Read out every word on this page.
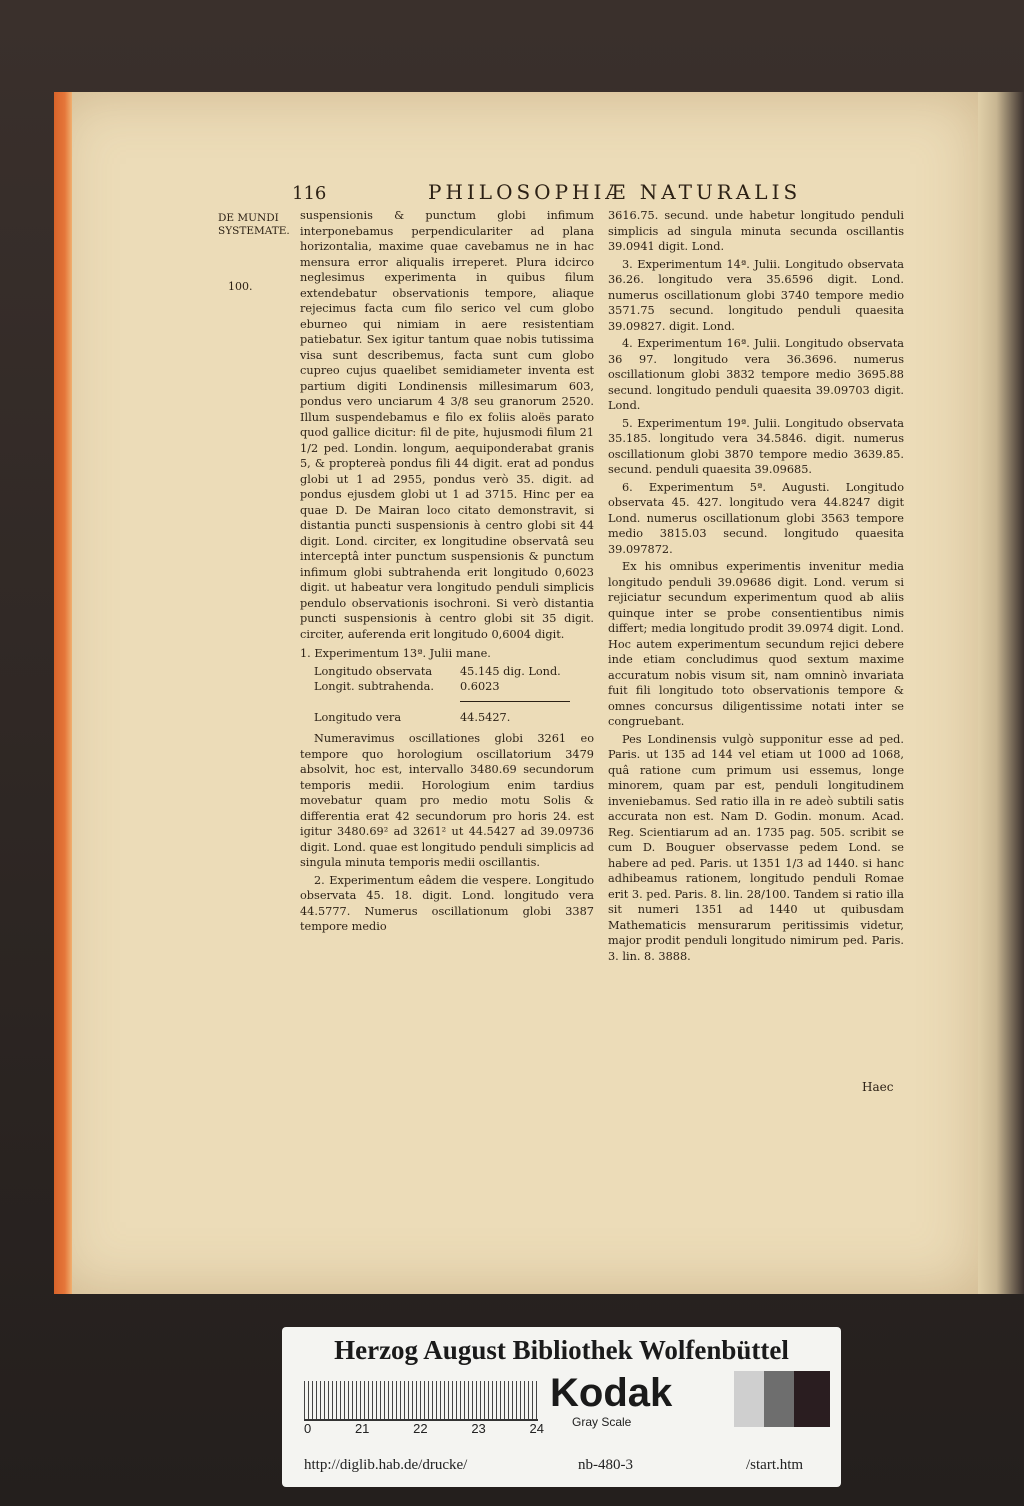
116	PHILOSOPHIÆ NATURALIS
DE MUNDI SYSTEMATE.
100.

suspensionis & punctum globi infimum interponebamus perpendiculariter ad plana horizontalia, maxime quae cavebamus ne in hac mensura error aliqualis irreperet. Plura idcirco neglesimus experimenta in quibus filum extendebatur observationis tempore, aliaque rejecimus facta cum filo serico vel cum globo eburneo qui nimiam in aere resistentiam patiebatur. Sex igitur tantum quae nobis tutissima visa sunt describemus, facta sunt cum globo cupreo cujus quaelibet semidiameter inventa est partium digiti Londinensis millesimarum 603, pondus vero unciarum 4 3/8 seu granorum 2520. Illum suspendebamus e filo ex foliis aloës parato quod gallice dicitur: fil de pite, hujusmodi filum 21 1/2 ped. Londin. longum, aequiponderabat granis 5, & proptereà pondus fili 44 digit. erat ad pondus globi ut 1 ad 2955, pondus verò 35. digit. ad pondus ejusdem globi ut 1 ad 3715. Hinc per ea quae D. De Mairan loco citato demonstravit, si distantia puncti suspensionis à centro globi sit 44 digit. Lond. circiter, ex longitudine observatâ seu interceptâ inter punctum suspensionis & punctum infimum globi subtrahenda erit longitudo 0,6023 digit. ut habeatur vera longitudo penduli simplicis pendulo observationis isochroni. Si verò distantia puncti suspensionis à centro globi sit 35 digit. circiter, auferenda erit longitudo 0,6004 digit.

1. Experimentum 13ª. Julii mane.

Longitudo observata	45.145 dig. Lond.
Longit. subtrahenda.	0.6023
Longitudo vera	44.5427.

Numeravimus oscillationes globi 3261 eo tempore quo horologium oscillatorium 3479 absolvit, hoc est, intervallo 3480.69 secundorum temporis medii. Horologium enim tardius movebatur quam pro medio motu Solis & differentia erat 42 secundorum pro horis 24. est igitur 3480.69² ad 3261² ut 44.5427 ad 39.09736 digit. Lond. quae est longitudo penduli simplicis ad singula minuta temporis medii oscillantis.

2. Experimentum eâdem die vespere. Longitudo observata 45. 18. digit. Lond. longitudo vera 44.5777. Numerus oscillationum globi 3387 tempore medio

3616.75. secund. unde habetur longitudo penduli simplicis ad singula minuta secunda oscillantis 39.0941 digit. Lond.

3. Experimentum 14ª. Julii. Longitudo observata 36.26. longitudo vera 35.6596 digit. Lond. numerus oscillationum globi 3740 tempore medio 3571.75 secund. longitudo penduli quaesita 39.09827. digit. Lond.

4. Experimentum 16ª. Julii. Longitudo observata 36 97. longitudo vera 36.3696. numerus oscillationum globi 3832 tempore medio 3695.88 secund. longitudo penduli quaesita 39.09703 digit. Lond.

5. Experimentum 19ª. Julii. Longitudo observata 35.185. longitudo vera 34.5846. digit. numerus oscillationum globi 3870 tempore medio 3639.85. secund. penduli quaesita 39.09685.

6. Experimentum 5ª. Augusti. Longitudo observata 45. 427. longitudo vera 44.8247 digit Lond. numerus oscillationum globi 3563 tempore medio 3815.03 secund. longitudo quaesita 39.097872.

Ex his omnibus experimentis invenitur media longitudo penduli 39.09686 digit. Lond. verum si rejiciatur secundum experimentum quod ab aliis quinque inter se probe consentientibus nimis differt; media longitudo prodit 39.0974 digit. Lond. Hoc autem experimentum secundum rejici debere inde etiam concludimus quod sextum maxime accuratum nobis visum sit, nam omninò invariata fuit fili longitudo toto observationis tempore & omnes concursus diligentissime notati inter se congruebant.

Pes Londinensis vulgò supponitur esse ad ped. Paris. ut 135 ad 144 vel etiam ut 1000 ad 1068, quâ ratione cum primum usi essemus, longe minorem, quam par est, penduli longitudinem inveniebamus. Sed ratio illa in re adeò subtili satis accurata non est. Nam D. Godin. monum. Acad. Reg. Scientiarum ad an. 1735 pag. 505. scribit se cum D. Bouguer observasse pedem Lond. se habere ad ped. Paris. ut 1351 1/3 ad 1440. si hanc adhibeamus rationem, longitudo penduli Romae erit 3. ped. Paris. 8. lin. 28/100. Tandem si ratio illa sit numeri 1351 ad 1440 ut quibusdam Mathematicis mensurarum peritissimis videtur, major prodit penduli longitudo nimirum ped. Paris. 3. lin. 8. 3888.

Haec
Herzog August Bibliothek Wolfenbüttel
0	21	22	23	24
Kodak
Gray Scale
http://diglib.hab.de/drucke/	nb-480-3	/start.htm
